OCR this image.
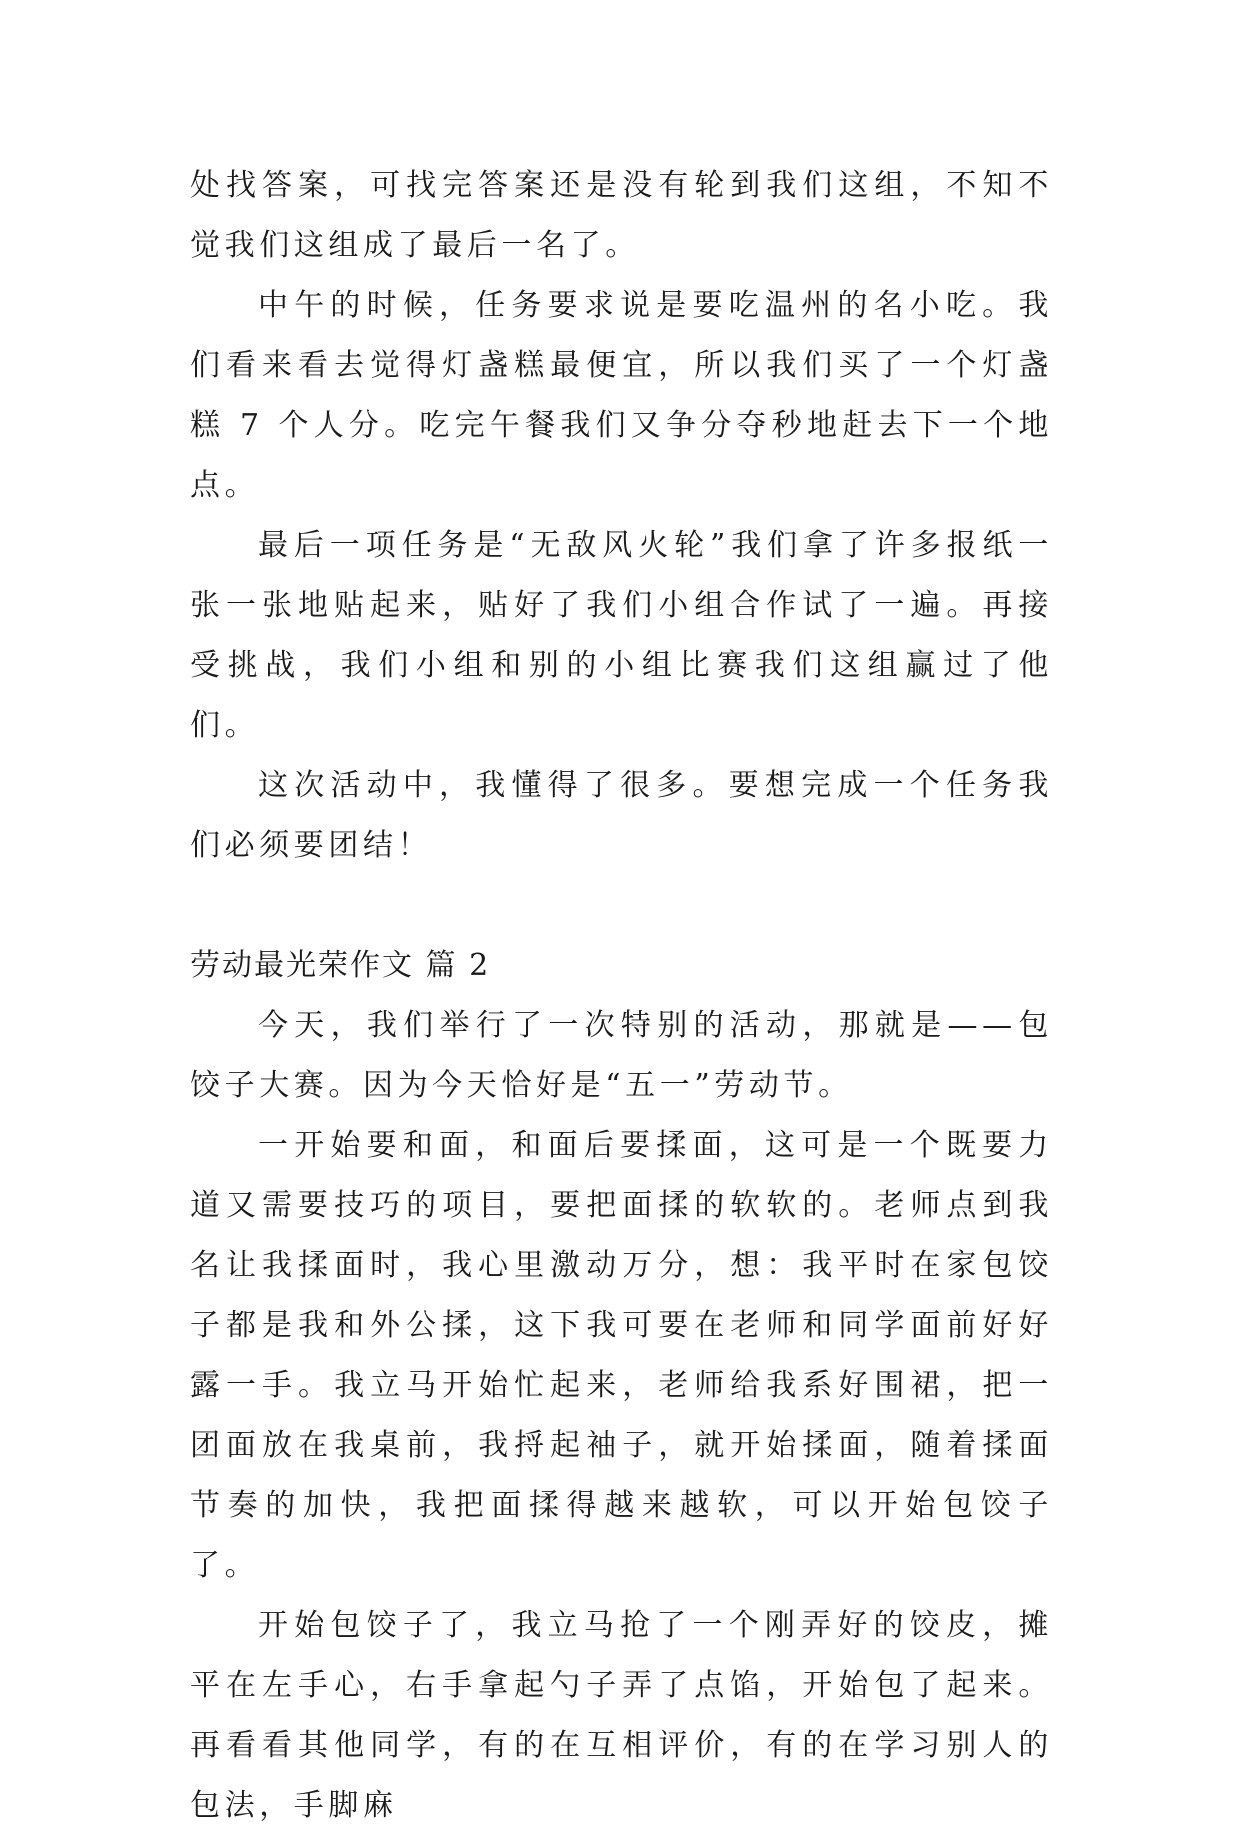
处找答案，可找完答案还是没有轮到我们这组，不知不觉我们这组成了最后一名了。

中午的时候，任务要求说是要吃温州的名小吃。我们看来看去觉得灯盏糕最便宜，所以我们买了一个灯盏糕 7 个人分。吃完午餐我们又争分夺秒地赶去下一个地点。

最后一项任务是“无敌风火轮”我们拿了许多报纸一张一张地贴起来，贴好了我们小组合作试了一遍。再接受挑战，我们小组和别的小组比赛我们这组赢过了他们。

这次活动中，我懂得了很多。要想完成一个任务我们必须要团结！

劳动最光荣作文 篇 2

今天，我们举行了一次特别的活动，那就是——包饺子大赛。因为今天恰好是“五一”劳动节。

一开始要和面，和面后要揉面，这可是一个既要力道又需要技巧的项目，要把面揉的软软的。老师点到我名让我揉面时，我心里激动万分，想：我平时在家包饺子都是我和外公揉，这下我可要在老师和同学面前好好露一手。我立马开始忙起来，老师给我系好围裙，把一团面放在我桌前，我捋起袖子，就开始揉面，随着揉面节奏的加快，我把面揉得越来越软，可以开始包饺子了。

开始包饺子了，我立马抢了一个刚弄好的饺皮，摊平在左手心，右手拿起勺子弄了点馅，开始包了起来。再看看其他同学，有的在互相评价，有的在学习别人的包法，手脚麻
